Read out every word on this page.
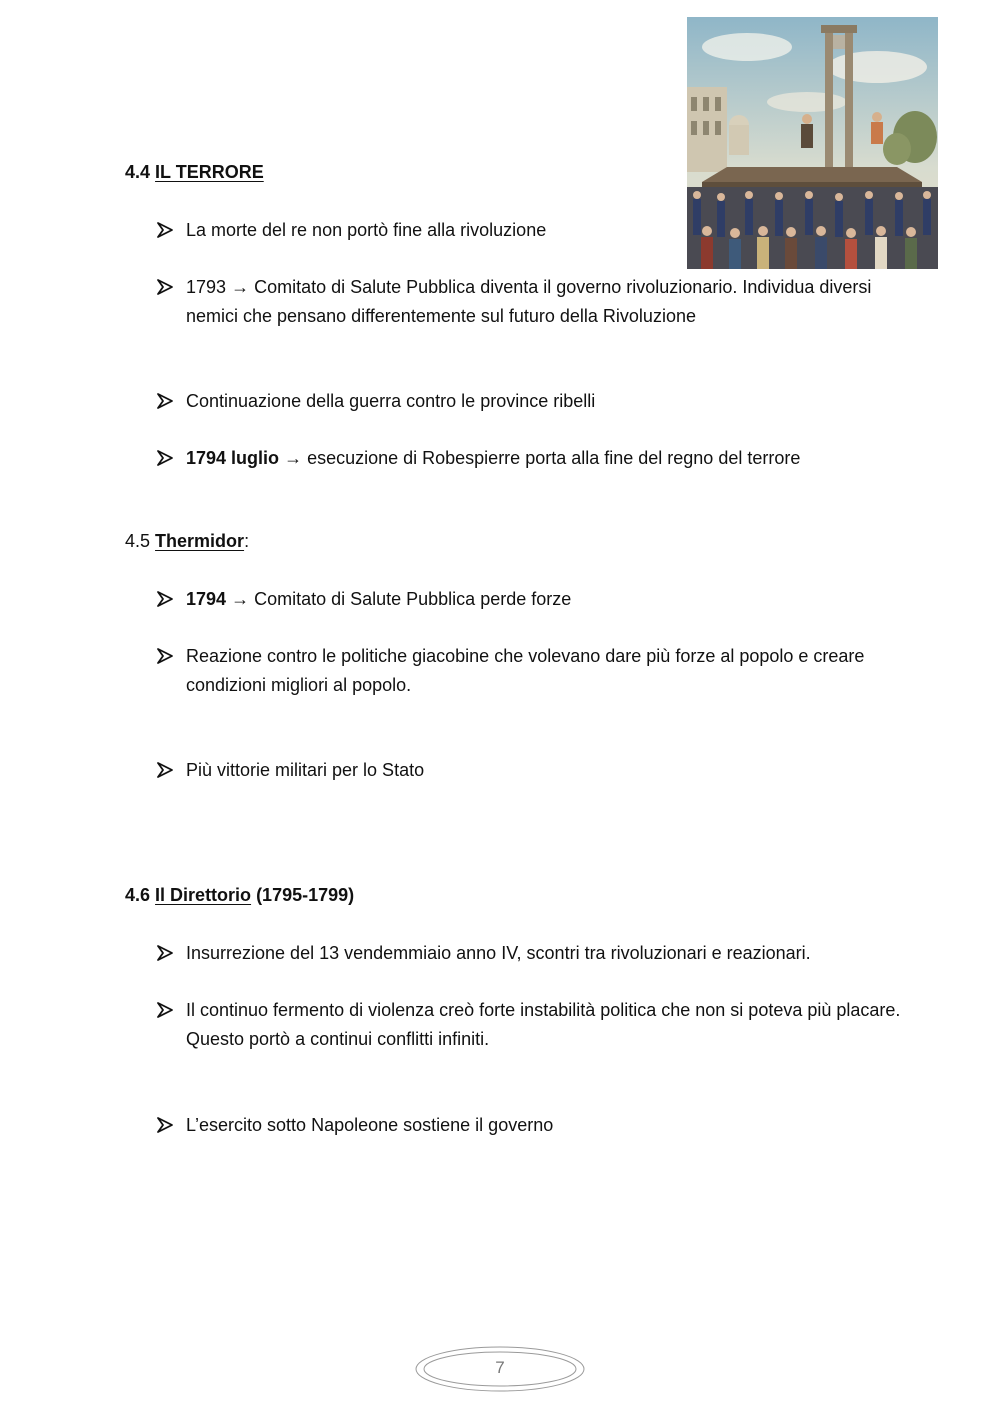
4.4 IL TERRORE
La morte del re non portò fine alla rivoluzione
1793 → Comitato di Salute Pubblica diventa il governo rivoluzionario. Individua diversi nemici che pensano differentemente sul futuro della Rivoluzione
Continuazione della guerra contro le province ribelli
1794 luglio → esecuzione di Robespierre porta alla fine del regno del terrore
4.5 Thermidor:
1794 → Comitato di Salute Pubblica perde forze
Reazione contro le politiche giacobine che volevano dare più forze al popolo e creare condizioni migliori al popolo.
Più vittorie militari per lo Stato
4.6 Il Direttorio (1795-1799)
Insurrezione del 13 vendemmiaio anno IV, scontri tra rivoluzionari e reazionari.
Il continuo fermento di violenza creò forte instabilità politica che non si poteva più placare. Questo portò a continui conflitti infiniti.
L’esercito sotto Napoleone sostiene il governo
7
